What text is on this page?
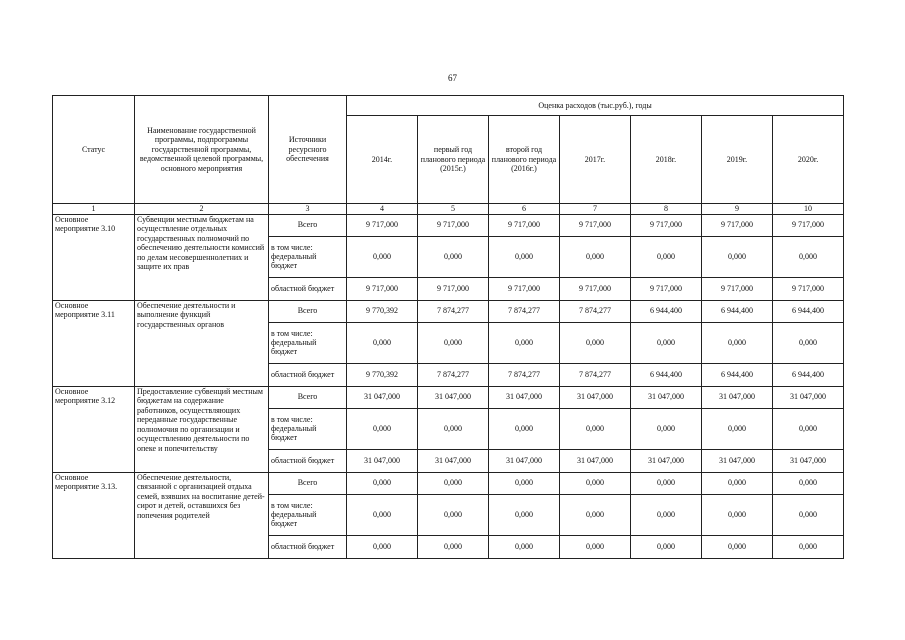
67
Статус	Наименование государственной программы, подпрограммы государственной программы, ведомственной целевой программы, основного мероприятия	Источники ресурсного обеспечения	Оценка расходов (тыс.руб.), годы						
			2014г.	первый год планового периода (2015г.)	второй год планового периода (2016г.)	2017г.	2018г.	2019г.	2020г.
1	2	3	4	5	6	7	8	9	10
Основное мероприятие 3.10	Субвенции местным бюджетам на осуществление отдельных государственных полномочий по обеспечению деятельности комиссий по делам несовершеннолетних и защите их прав	Всего	9 717,000	9 717,000	9 717,000	9 717,000	9 717,000	9 717,000	9 717,000
		в том числе: федеральный бюджет	0,000	0,000	0,000	0,000	0,000	0,000	0,000
		областной бюджет	9 717,000	9 717,000	9 717,000	9 717,000	9 717,000	9 717,000	9 717,000
Основное мероприятие 3.11	Обеспечение деятельности и выполнение функций государственных органов	Всего	9 770,392	7 874,277	7 874,277	7 874,277	6 944,400	6 944,400	6 944,400
		в том числе: федеральный бюджет	0,000	0,000	0,000	0,000	0,000	0,000	0,000
		областной бюджет	9 770,392	7 874,277	7 874,277	7 874,277	6 944,400	6 944,400	6 944,400
Основное мероприятие 3.12	Предоставление субвенций местным бюджетам на содержание работников, осуществляющих переданные государственные полномочия по организации и осуществлению деятельности по опеке и попечительству	Всего	31 047,000	31 047,000	31 047,000	31 047,000	31 047,000	31 047,000	31 047,000
		в том числе: федеральный бюджет	0,000	0,000	0,000	0,000	0,000	0,000	0,000
		областной бюджет	31 047,000	31 047,000	31 047,000	31 047,000	31 047,000	31 047,000	31 047,000
Основное мероприятие 3.13.	Обеспечение деятельности, связанной с организацией отдыха семей, взявших на воспитание детей-сирот и детей, оставшихся без попечения родителей	Всего	0,000	0,000	0,000	0,000	0,000	0,000	0,000
		в том числе: федеральный бюджет	0,000	0,000	0,000	0,000	0,000	0,000	0,000
		областной бюджет	0,000	0,000	0,000	0,000	0,000	0,000	0,000
